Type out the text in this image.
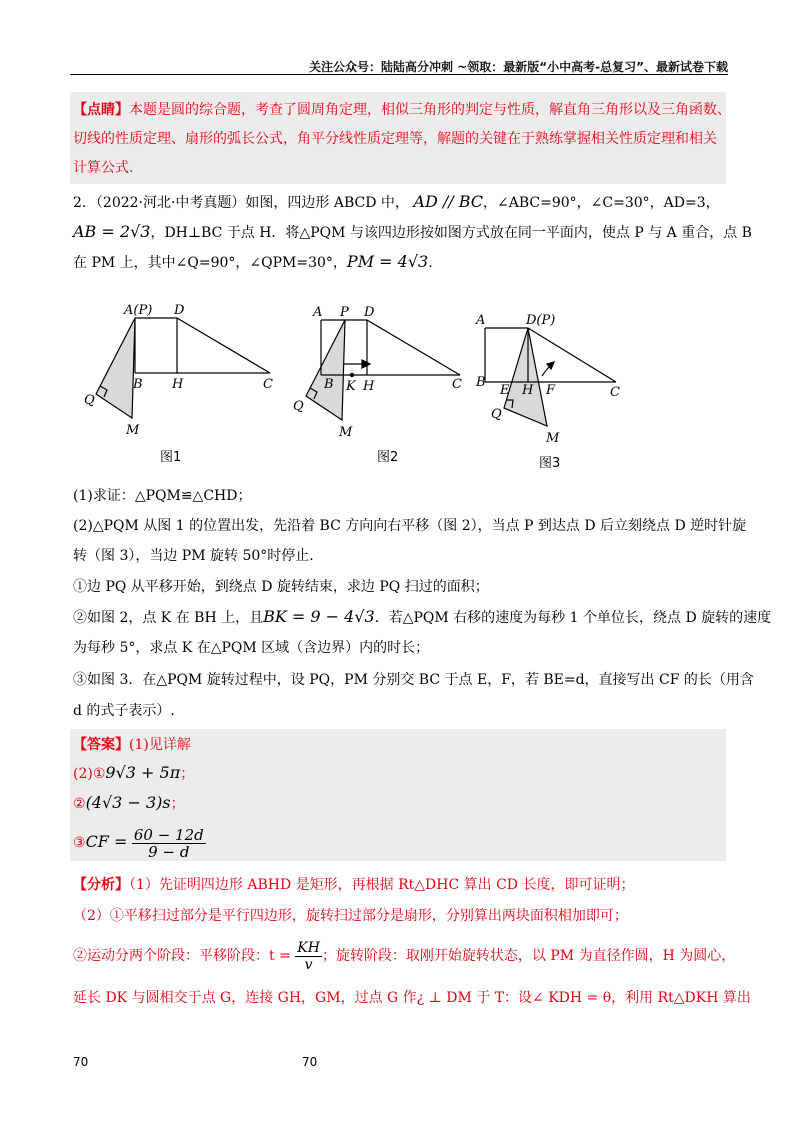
关注公众号：陆陆高分冲刺 ~领取：最新版“小中高考-总复习”、最新试卷下载
【点睛】本题是圆的综合题，考查了圆周角定理，相似三角形的判定与性质，解直角三角形以及三角函数、
切线的性质定理、扇形的弧长公式，角平分线性质定理等，解题的关键在于熟练掌握相关性质定理和相关
计算公式.
2．（2022·河北·中考真题）如图，四边形 ABCD 中， AD // BC，∠ABC=90°，∠C=30°，AD=3，
AB = 2√3，DH⊥BC 于点 H．将△PQM 与该四边形按如图方式放在同一平面内，使点 P 与 A 重合，点 B
在 PM 上，其中∠Q=90°，∠QPM=30°，PM = 4√3.
A(P) D
B H	C
Q
M
A P D
B K H	C
Q
M
A	D(P)
B
E H F	C
Q
M
图1	图2	图3
(1)求证：△PQM≌△CHD；
(2)△PQM 从图 1 的位置出发，先沿着 BC 方向向右平移（图 2），当点 P 到达点 D 后立刻绕点 D 逆时针旋
转（图 3），当边 PM 旋转 50°时停止.
①边 PQ 从平移开始，到绕点 D 旋转结束，求边 PQ 扫过的面积；
②如图 2，点 K 在 BH 上，且BK = 9 − 4√3．若△PQM 右移的速度为每秒 1 个单位长，绕点 D 旋转的速度
为每秒 5°，求点 K 在△PQM 区域（含边界）内的时长；
③如图 3．在△PQM 旋转过程中，设 PQ，PM 分别交 BC 于点 E，F，若 BE=d，直接写出 CF 的长（用含
d 的式子表示）.
【答案】(1)见详解
(2)①9√3 + 5π；
②(4√3 − 3)s；
③CF = $\frac{60 - 12d}{9 - d}$
【分析】（1）先证明四边形 ABHD 是矩形，再根据 Rt△DHC 算出 CD 长度，即可证明；
（2）①平移扫过部分是平行四边形，旋转扫过部分是扇形，分别算出两块面积相加即可；
②运动分两个阶段：平移阶段：$t = \frac{KH}{v}$ ；旋转阶段：取刚开始旋转状态，以 PM 为直径作圆，H 为圆心，
延长 DK 与圆相交于点 G，连接 GH，GM，过点 G 作¿ ⊥ DM 于 T：设∠ KDH = θ，利用 Rt△DKH 算出
70	70
